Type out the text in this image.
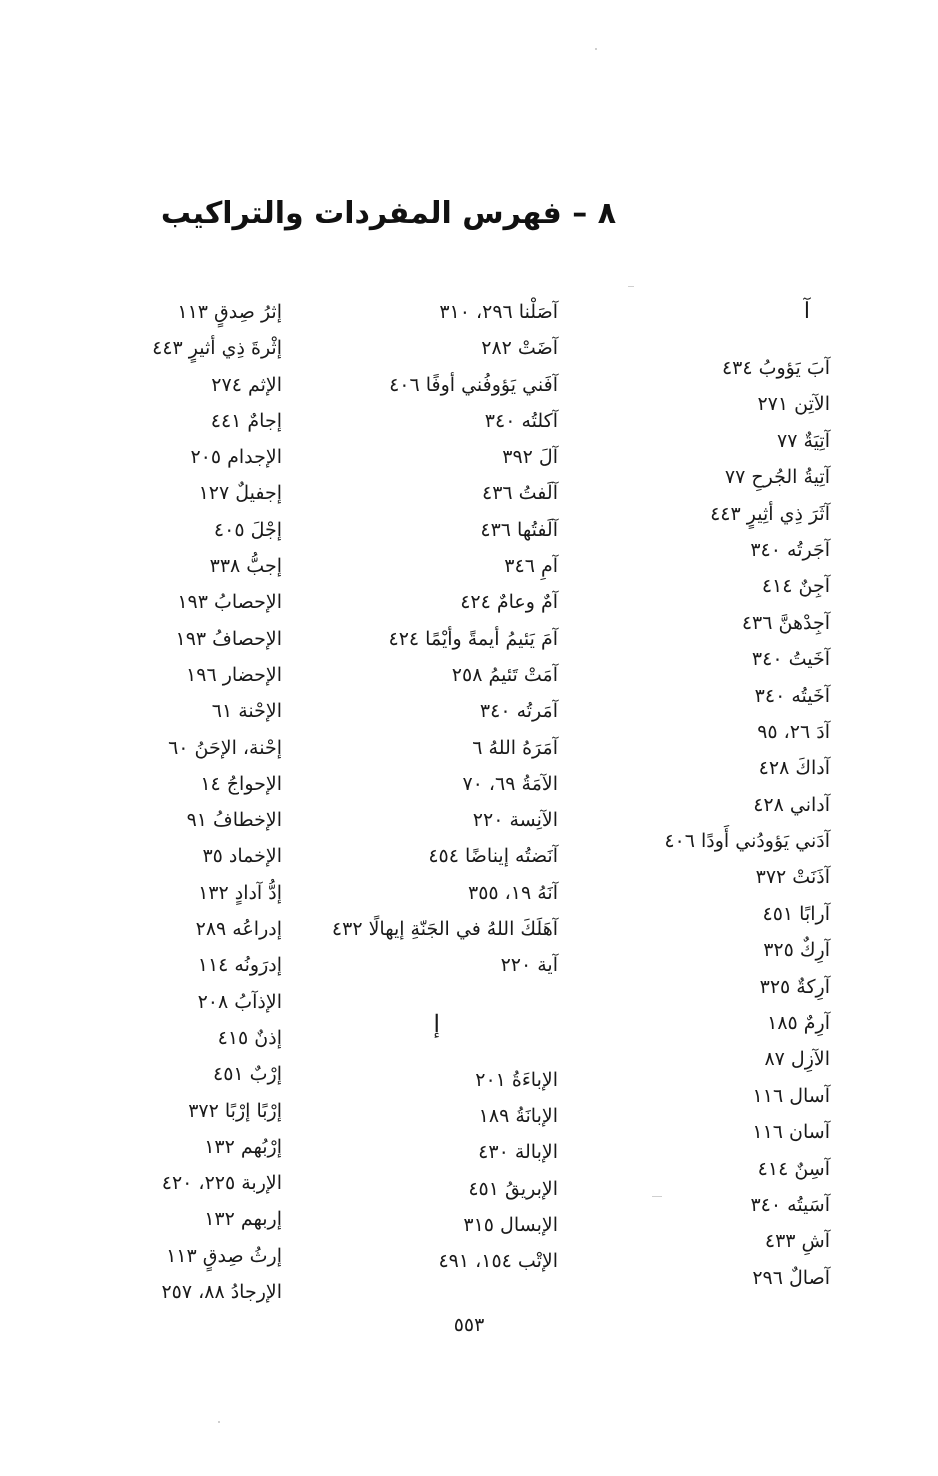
٨ – فهرس المفردات والتراكيب
آ
آبَ يَؤوبُ ٤٣٤
الآتِن ٢٧١
آتِيَةٌ ٧٧
آتِيةُ الجُرحِ ٧٧
آثَرَ ذِي أثِيرٍ ٤٤٣
آجَرتُه ٣٤٠
آجِنٌ ٤١٤
آجِدْهنَّ ٤٣٦
آخَيتُ ٣٤٠
آخَيتُه ٣٤٠
آدَ ٢٦، ٩٥
آداكَ ٤٢٨
آداني ٤٢٨
آدَني يَؤودُني أَودًا ٤٠٦
آذَنَتْ ٣٧٢
آرابًا ٤٥١
آرِكٌ ٣٢٥
آرِكةٌ ٣٢٥
آرِمٌ ١٨٥
الآزِل ٨٧
آسال ١١٦
آسان ١١٦
آسِنٌ ٤١٤
آسَيتُه ٣٤٠
آشِ ٤٣٣
آصالٌ ٢٩٦
آصَلْنا ٢٩٦، ٣١٠
آضَتْ ٢٨٢
آفَني يَؤوفُني أوفًا ٤٠٦
آكلتُه ٣٤٠
آلَ ٣٩٢
آلَفتُ ٤٣٦
آلَفتُها ٤٣٦
آمِ ٣٤٦
آمٌ وعامٌ ٤٢٤
آمَ يَئيمُ أيمةً وأيْمًا ٤٢٤
آمَتْ تَئيمُ ٢٥٨
آمَرتُه ٣٤٠
آمَرَهُ اللهُ ٦
الآمَةُ ٦٩، ٧٠
الآنِسة ٢٢٠
آنَضتُه إيناضًا ٤٥٤
آنَهُ ١٩، ٣٥٥
آهَلَكَ اللهُ في الجَنّةِ إيهالًا ٤٣٢
آية ٢٢٠
إ
الإباءَةُ ٢٠١
الإبانَةُ ١٨٩
الإبالة ٤٣٠
الإبريقُ ٤٥١
الإبسال ٣١٥
الإتْب ١٥٤، ٤٩١
إثرُ صِدقٍ ١١٣
إثْرةَ ذِي أثيرٍ ٤٤٣
الإثم ٢٧٤
إجامٌ ٤٤١
الإجدام ٢٠٥
إجفيلٌ ١٢٧
إجْلَ ٤٠٥
إجبُّ ٣٣٨
الإحصابُ ١٩٣
الإحصافُ ١٩٣
الإحضار ١٩٦
الإحْنة ٦١
إحْنة، الإحَنُ ٦٠
الإحواجُ ١٤
الإخطافُ ٩١
الإخماد ٣٥
إدُّ آدادٍ ١٣٢
إدراعُه ٢٨٩
إدرَونُه ١١٤
الإذآبُ ٢٠٨
إذنٌ ٤١٥
إرْبٌ ٤٥١
إرْبًا إرْبًا ٣٧٢
إرْبُهم ١٣٢
الإربة ٢٢٥، ٤٢٠
إربهم ١٣٢
إرثُ صِدقٍ ١١٣
الإرجادُ ٨٨، ٢٥٧
٥٥٣
